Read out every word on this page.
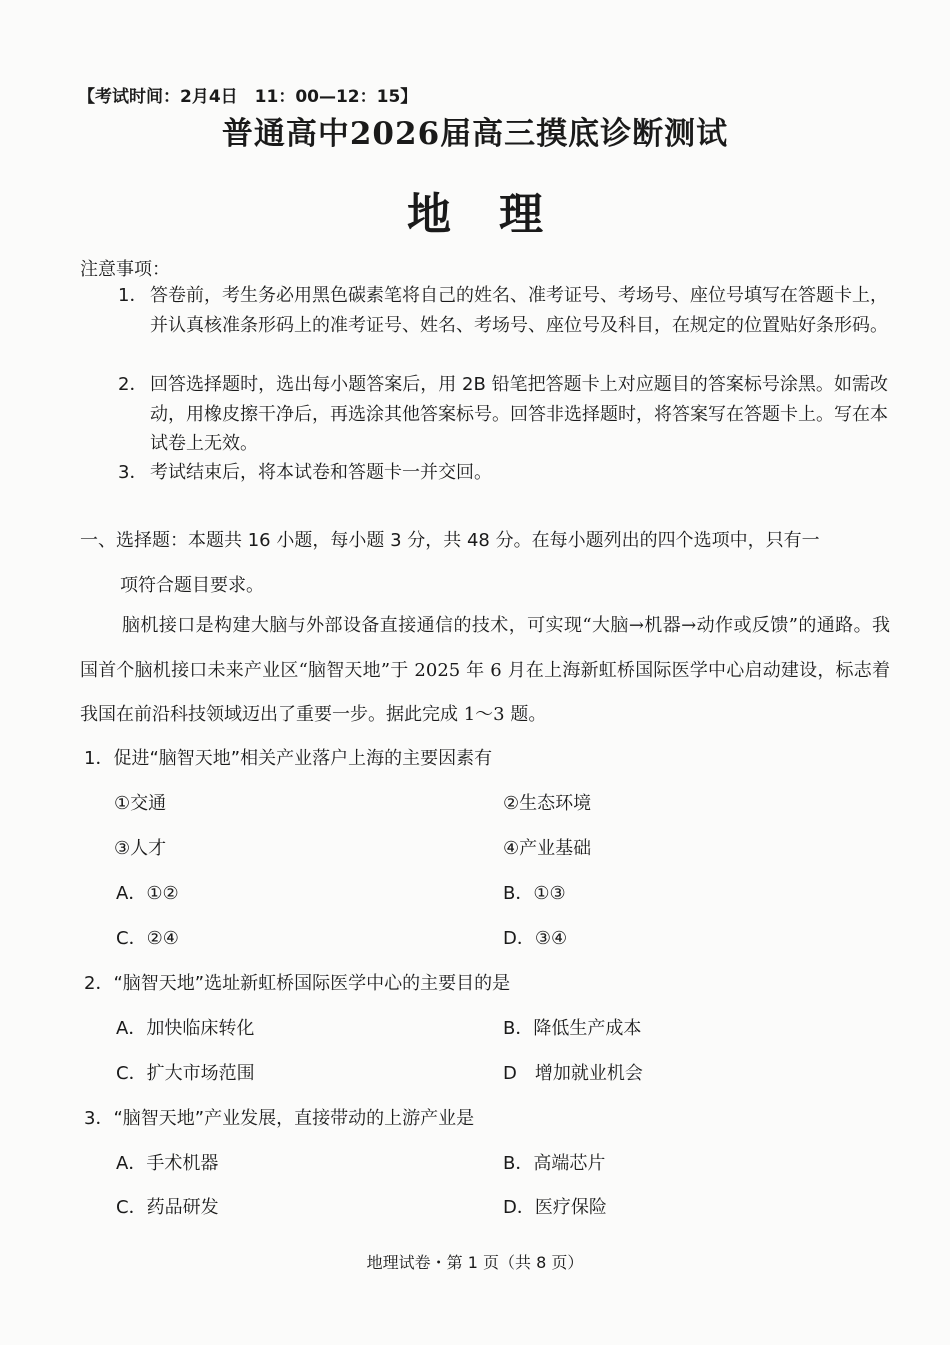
【考试时间：2月4日　11：00—12：15】
普通高中2026届高三摸底诊断测试
地理
注意事项：
1． 答卷前，考生务必用黑色碳素笔将自己的姓名、准考证号、考场号、座位号填写在答题卡上，并认真核准条形码上的准考证号、姓名、考场号、座位号及科目，在规定的位置贴好条形码。
2． 回答选择题时，选出每小题答案后，用 2B 铅笔把答题卡上对应题目的答案标号涂黑。如需改动，用橡皮擦干净后，再选涂其他答案标号。回答非选择题时，将答案写在答题卡上。写在本试卷上无效。
3． 考试结束后，将本试卷和答题卡一并交回。
一、选择题：本题共 16 小题，每小题 3 分，共 48 分。在每小题列出的四个选项中，只有一
项符合题目要求。
脑机接口是构建大脑与外部设备直接通信的技术，可实现“大脑→机器→动作或反馈”的通路。我国首个脑机接口未来产业区“脑智天地”于 2025 年 6 月在上海新虹桥国际医学中心启动建设，标志着我国在前沿科技领域迈出了重要一步。据此完成 1～3 题。
1．促进“脑智天地”相关产业落户上海的主要因素有
①交通	②生态环境
③人才	④产业基础
A．①②	B．①③
C．②④	D．③④
2．“脑智天地”选址新虹桥国际医学中心的主要目的是
A．加快临床转化	B．降低生产成本
C．扩大市场范围	D　增加就业机会
3．“脑智天地”产业发展，直接带动的上游产业是
A．手术机器	B．高端芯片
C．药品研发	D．医疗保险
地理试卷・第 1 页（共 8 页）
